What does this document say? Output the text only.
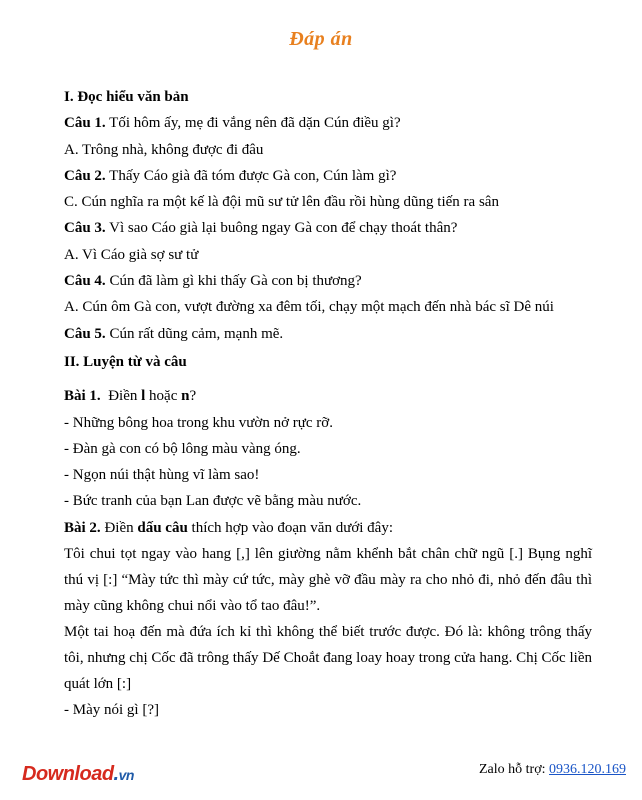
Đáp án

I. Đọc hiểu văn bản

Câu 1. Tối hôm ấy, mẹ đi vắng nên đã dặn Cún điều gì?

A. Trông nhà, không được đi đâu

Câu 2. Thấy Cáo già đã tóm được Gà con, Cún làm gì?

C. Cún nghĩa ra một kế là đội mũ sư tử lên đầu rồi hùng dũng tiến ra sân

Câu 3. Vì sao Cáo già lại buông ngay Gà con để chạy thoát thân?

A. Vì Cáo già sợ sư tử

Câu 4. Cún đã làm gì khi thấy Gà con bị thương?

A. Cún ôm Gà con, vượt đường xa đêm tối, chạy một mạch đến nhà bác sĩ Dê núi

Câu 5. Cún rất dũng cảm, mạnh mẽ.

II. Luyện từ và câu

Bài 1.  Điền l hoặc n?

- Những bông hoa trong khu vườn nở rực rỡ.

- Đàn gà con có bộ lông màu vàng óng.

- Ngọn núi thật hùng vĩ làm sao!

- Bức tranh của bạn Lan được vẽ bằng màu nước.

Bài 2. Điền dấu câu thích hợp vào đoạn văn dưới đây:

Tôi chui tọt ngay vào hang [,] lên giường nằm khểnh bắt chân chữ ngũ [.] Bụng nghĩ thú vị [:] “Mày tức thì mày cứ tức, mày ghè vỡ đầu mày ra cho nhỏ đi, nhỏ đến đâu thì mày cũng không chui nổi vào tổ tao đâu!”.

Một tai hoạ đến mà đứa ích kỉ thì không thể biết trước được. Đó là: không trông thấy tôi, nhưng chị Cốc đã trông thấy Dế Choắt đang loay hoay trong cửa hang. Chị Cốc liền quát lớn [:]

- Mày nói gì [?]

Download.vn	Zalo hỗ trợ: 0936.120.169
